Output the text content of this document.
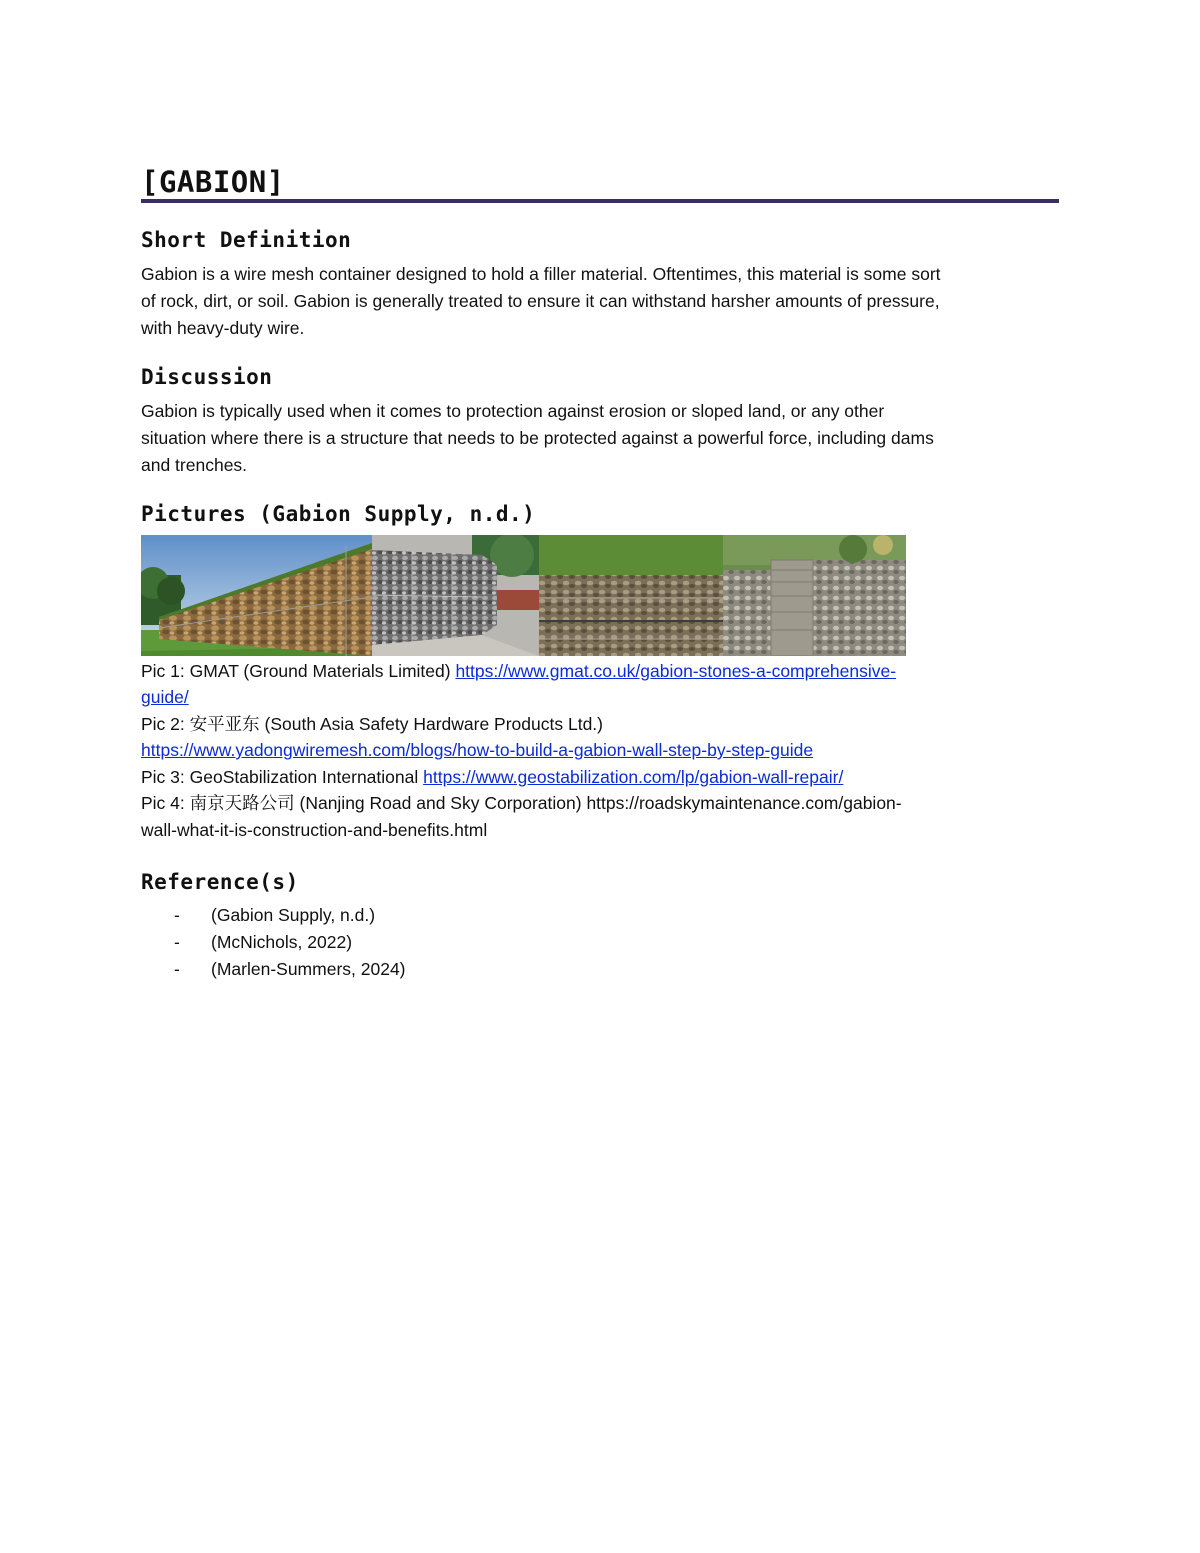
[GABION]
Short Definition

Gabion is a wire mesh container designed to hold a filler material. Oftentimes, this material is some sort
of rock, dirt, or soil. Gabion is generally treated to ensure it can withstand harsher amounts of pressure,
with heavy-duty wire.

Discussion

Gabion is typically used when it comes to protection against erosion or sloped land, or any other
situation where there is a structure that needs to be protected against a powerful force, including dams
and trenches.

Pictures (Gabion Supply, n.d.)
Pic 1: GMAT (Ground Materials Limited) https://www.gmat.co.uk/gabion-stones-a-comprehensive-
guide/
Pic 2: 安平亚东 (South Asia Safety Hardware Products Ltd.)
https://www.yadongwiremesh.com/blogs/how-to-build-a-gabion-wall-step-by-step-guide
Pic 3: GeoStabilization International https://www.geostabilization.com/lp/gabion-wall-repair/
Pic 4: 南京天路公司 (Nanjing Road and Sky Corporation) https://roadskymaintenance.com/gabion-
wall-what-it-is-construction-and-benefits.html
Reference(s)
- (Gabion Supply, n.d.)
- (McNichols, 2022)
- (Marlen-Summers, 2024)
